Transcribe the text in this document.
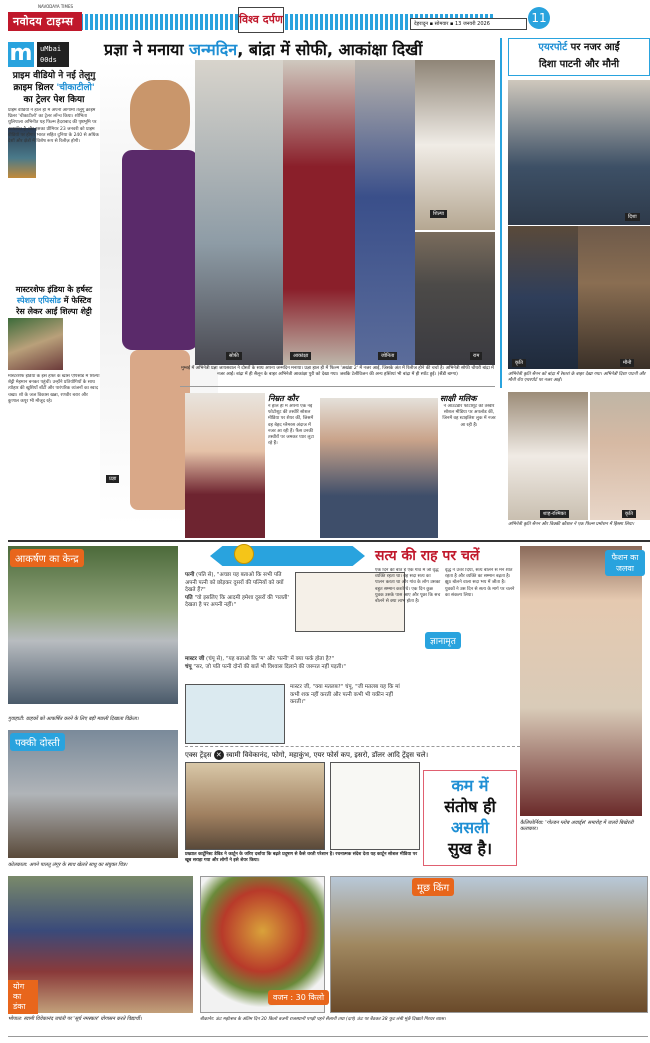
नवोदय टाइम्स
NAVODAYA TIMES
विश्व दर्पण	देहरादून ▪ सोमवार ▪ 13 जनवरी 2026	11
m	uMbai 00ds
प्राइम वीडियो ने नई तेलुगु
क्राइम थ्रिलर 'चीकाटीलो'
का ट्रेलर पेश किया
प्राइम वीडियो ने हाल ही में अपनी आगामी तेलुगु क्राइम थ्रिलर 'चीकाटीलो' का ट्रेलर लॉन्च किया। शोभिता धुलिपाला अभिनीत यह फिल्म हैदराबाद की पृष्ठभूमि पर आधारित है और इसका प्रीमियर 23 जनवरी को प्राइम वीडियो पर होगा। भारत सहित दुनिया के 240 से अधिक देशों और क्षेत्रों में विशेष रूप से रिलीज़ होगी।
मास्टरशेफ इंडिया के हर्षस्ट
स्पेशल एपिसोड में फेस्टिव
रेस लेकर आईं शिल्पा शेट्टी
मास्टरशेफ इंडिया के इस हफ्ते के खास एपिसोड में शिल्पा शेट्टी मेहमान बनकर पहुंचीं। उन्होंने प्रतियोगियों के साथ त्योहार की खुशियाँ बाँटीं और पारंपरिक व्यंजनों का स्वाद चखा। शो के जज विकास खन्ना, रणवीर बरार और कुणाल कपूर भी मौजूद रहे।
प्रज्ञा ने मनाया जन्मदिन, बांद्रा में सोफी, आकांक्षा दिखीं
प्रज्ञा
सोफी	आकांक्षा	जोनिता
शिल्पा
राम
मुम्बई में अभिनेत्री प्रज्ञा जायसवाल ने दोस्तों के साथ अपना जन्मदिन मनाया। प्रज्ञा हाल ही में फिल्म 'अखंडा 2' में नजर आईं, जिसके अंत में रिलीज होने की चर्चा है। अभिनेत्री सोफी चौधरी बांद्रा में नजर आईं। बांद्रा में ही सैलून के बाहर अभिनेत्री आकांक्षा पुरी को देखा गया। जबकि टेलीविजन की अन्य हस्तियां भी बांद्रा में ही स्पॉट हुईं। (सैंडी बाग्गा)
एयरपोर्ट पर नजर आईं
दिशा पाटनी और मौनी
दिशा
कृति	मौनी
अभिनेत्री कृति सैनन को बांद्रा में रेस्तरां के बाहर देखा गया। अभिनेत्री दिशा पाटनी और मौनी रॉय एयरपोर्ट पर नजर आईं।
निम्रत कौर
ने हाल ही में अपनी एक नई फोटोशूट की तस्वीरें सोशल मीडिया पर शेयर कीं, जिसमें वह बेहद ग्लैमरस अंदाज में नजर आ रही हैं। फैंस उनकी तस्वीरों पर जमकर प्यार लुटा रहे हैं।
साक्षी मलिक
ने आउटडोर फोटोशूट की तस्वीरें सोशल मीडिया पर अपलोड कीं, जिनमें वह स्टाइलिश लुक में नजर आ रही हैं।
शाह-रश्मिका	कृति
अभिनेत्री कृति सैनन और विक्की कौशल ने एक फिल्म प्रमोशन में हिस्सा लिया।
आकर्षण का केन्द्र
गुवाहाटी: ग्राहकों को आकर्षित करने के लिए बड़ी मछली दिखाता विक्रेता।
पक्की दोस्ती
कोलकाता: अपने पालतू लंगूर के साथ खेलते साधु का संयुक्त चित्र।
पत्नी (पति से), "अच्छा यह बताओ कि सभी पति अपनी पत्नी को छोड़कर दूसरों की पत्नियों को क्यों देखते हैं?"
पति "वो इसलिए कि आदमी हमेशा दूसरों की 'गलती' देखता है पर अपनी नहीं।"
मास्टर जी (चंपू से), "यह बताओ कि 'म' और 'पत्नी' में क्या फर्क होता है?"
चंपू "सर, जो पति पत्नी दोनों की बातें भी विश्वास दिलाने की जरूरत नहीं पड़ती।"
मास्टर जी, "क्या मतलब?" चंपू, "जी मतलब यह कि मां कभी शक नहीं करती और पत्नी कभी भी यकीन नहीं करती।"
सत्य की राह पर चलें
एक दिन की बात है एक गांव में जो वृद्ध व्यक्ति रहता था। वह सदा सत्य का पालन करता था और गांव के लोग उसका बहुत सम्मान करते थे। एक दिन कुछ युवक उसके पास आए और पूछा कि सच बोलने से क्या लाभ होता है।
वृद्ध ने उत्तर दिया, सत्य बोलने से मन शांत रहता है और व्यक्ति का सम्मान बढ़ता है। झूठ बोलने वाला सदा भय में जीता है। युवकों ने उस दिन से सत्य के मार्ग पर चलने का संकल्प लिया।
ज्ञानामृत
फैशन का जलवा
कैलिफोर्निया: 'गोल्डन ग्लोब अवार्ड्स' समारोह में जलवे बिखेरती कलाकार।
एक्स ट्रेंड्स ✕ स्वामी विवेकानंद, फोगो, महाकुंभ, एयर फोर्स कप, इसरो, डॉलर आदि ट्रेंड्स चले।
प्रख्यात कार्टूनिस्ट डेविड ने कार्टून के जरिए दर्शाया कि बढ़ते प्रदूषण से कैसे धरती परेशान है। रचनात्मक संदेश देता यह कार्टून सोशल मीडिया पर खूब सराहा गया और लोगों ने इसे शेयर किया।
कम में
संतोष ही
असली
सुख है।
योग का डंका
भोपाल: स्वामी विवेकानंद जयंती पर 'सूर्य नमस्कार' योगासन करते विद्यार्थी।
वजन : 30 किलो
मूछ किंग
बीकानेर: ऊंट महोत्सव के अंतिम दिन 30 किलो वजनी राजस्थानी पगड़ी पहने सैलानी तथा (दाएं) ऊंट पर बैठकर 38 फुट लंबी मूंछें दिखाते गिरधर व्यास।
